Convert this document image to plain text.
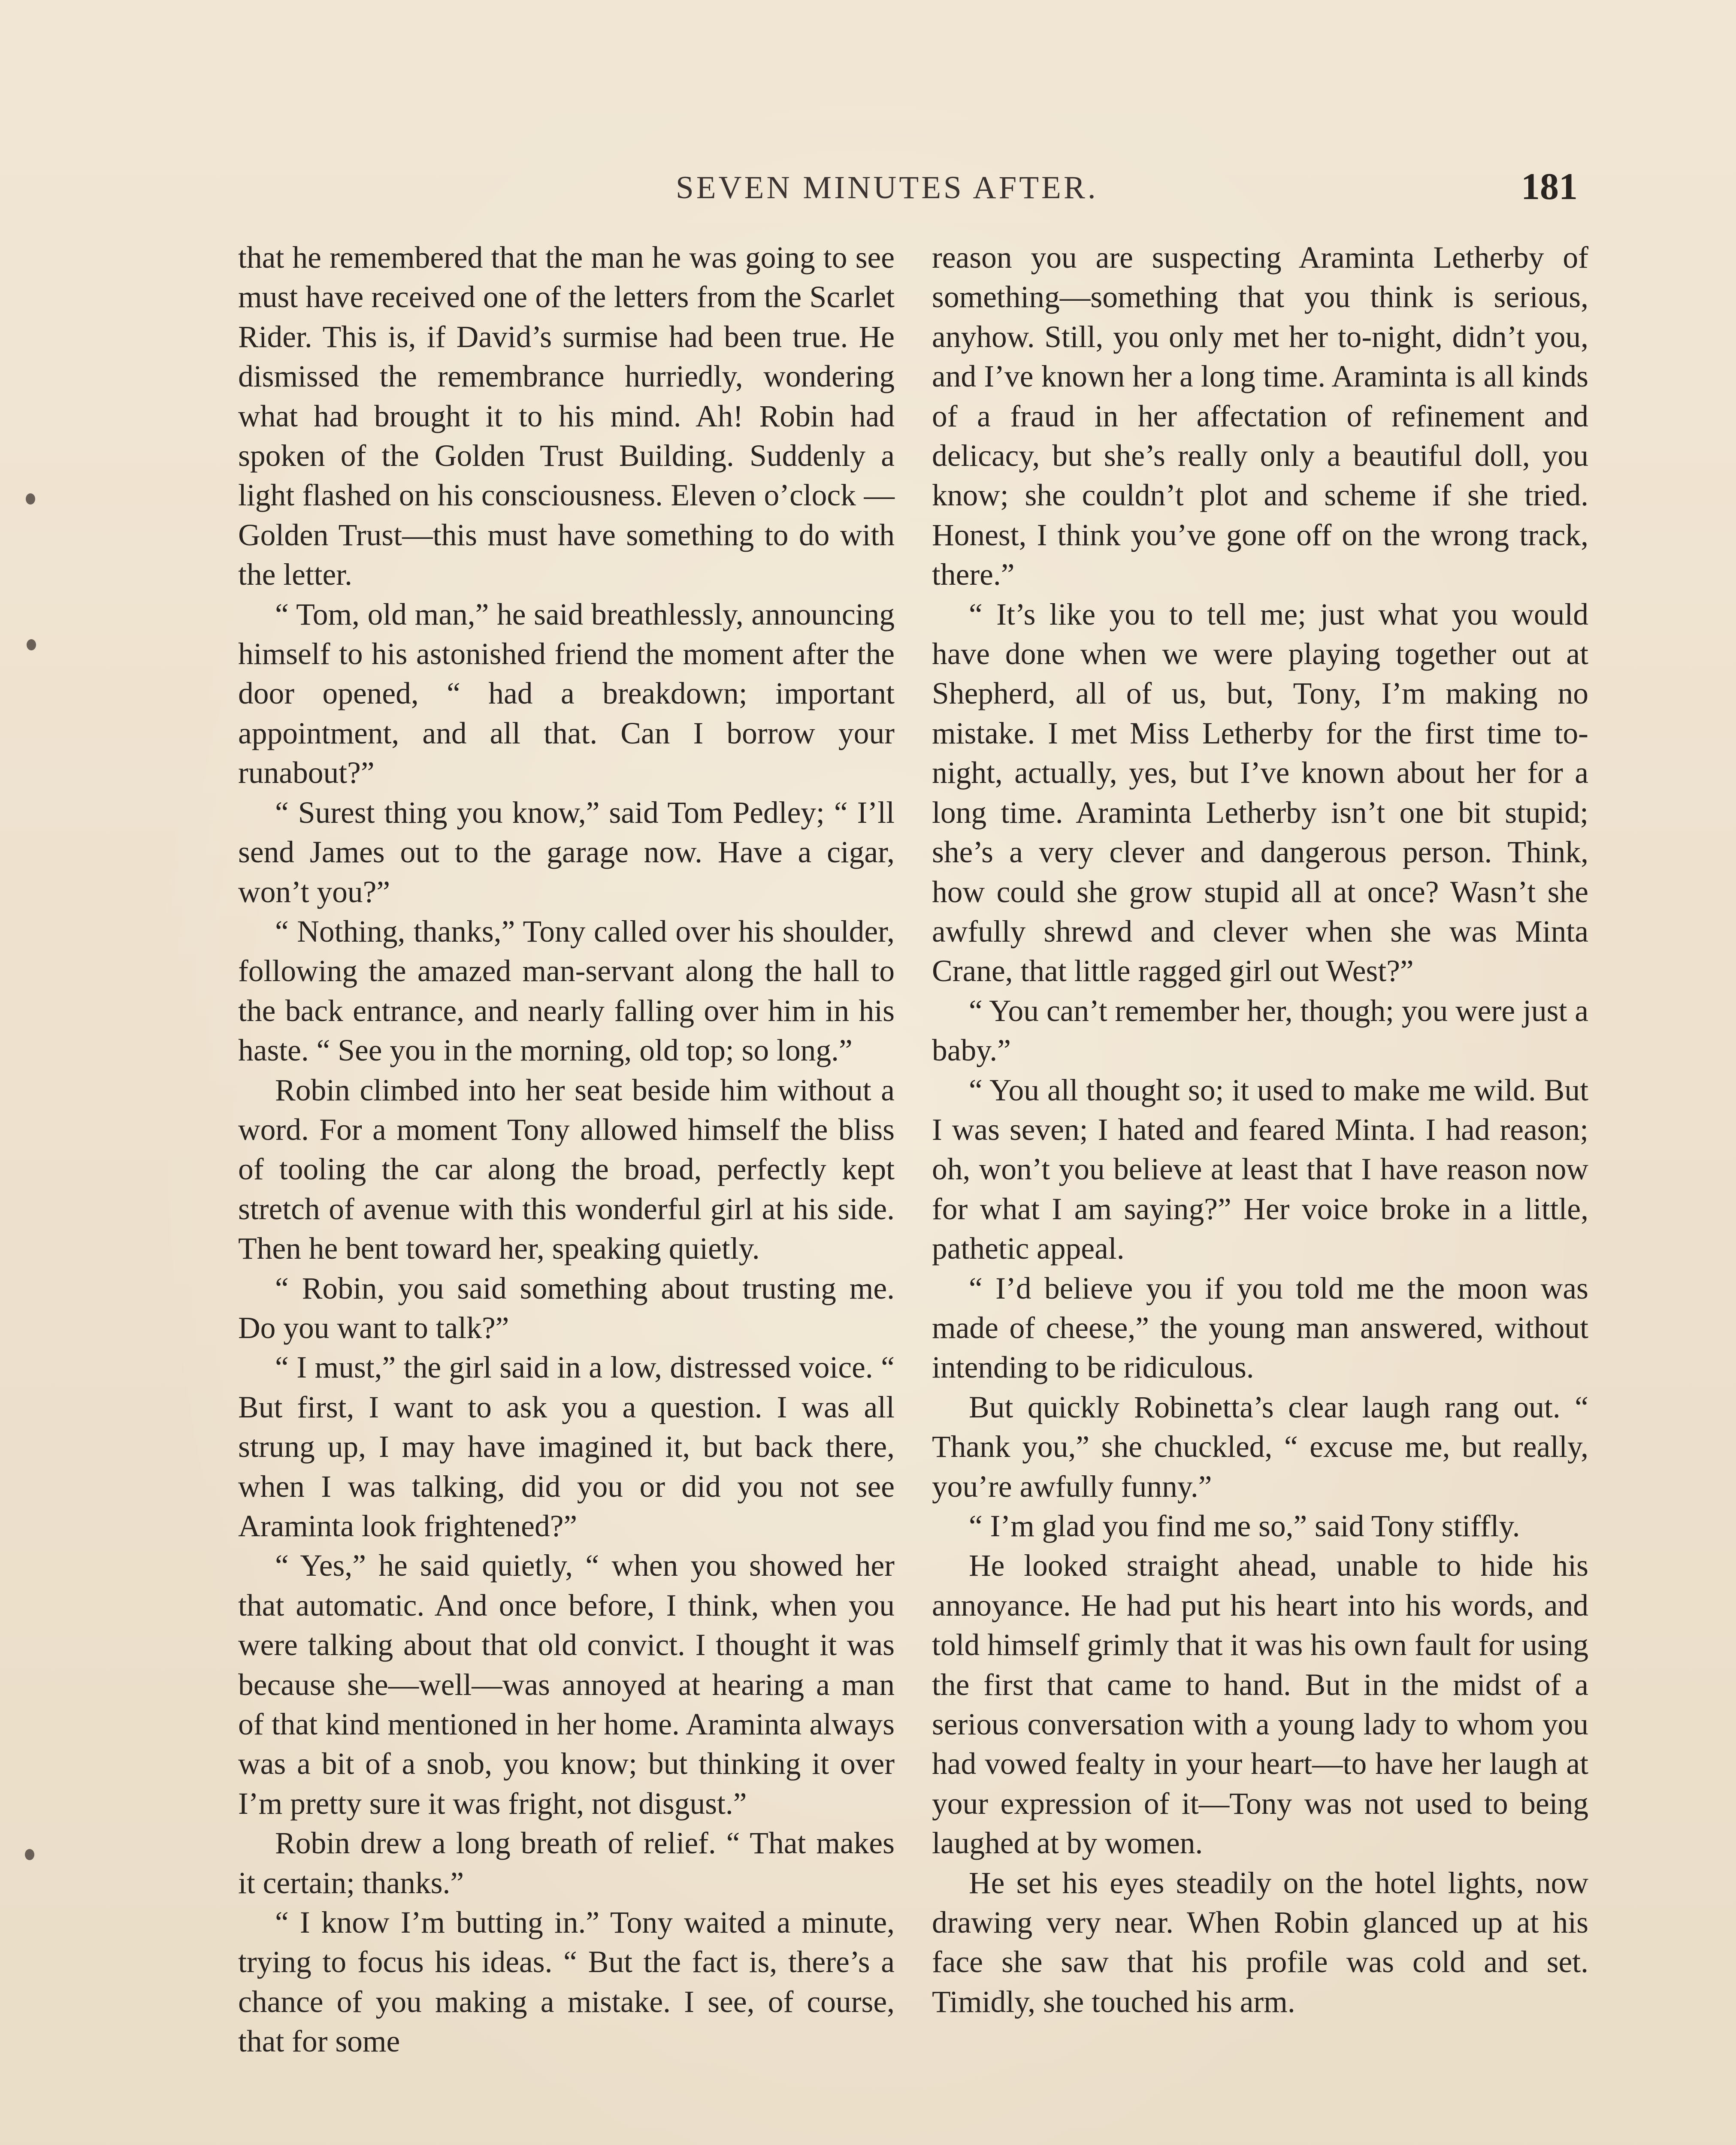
SEVEN MINUTES AFTER.	181

that he remembered that the man he was going to see must have received one of the letters from the Scarlet Rider. This is, if David’s surmise had been true. He dismissed the remembrance hurriedly, wondering what had brought it to his mind. Ah! Robin had spoken of the Golden Trust Building. Suddenly a light flashed on his consciousness. Eleven o’clock — Golden Trust—this must have something to do with the letter.

“ Tom, old man,” he said breathlessly, announcing himself to his astonished friend the moment after the door opened, “ had a breakdown; important appointment, and all that. Can I borrow your runabout?”

“ Surest thing you know,” said Tom Pedley; “ I’ll send James out to the garage now. Have a cigar, won’t you?”

“ Nothing, thanks,” Tony called over his shoulder, following the amazed man-servant along the hall to the back entrance, and nearly falling over him in his haste. “ See you in the morning, old top; so long.”

Robin climbed into her seat beside him without a word. For a moment Tony allowed himself the bliss of tooling the car along the broad, perfectly kept stretch of avenue with this wonderful girl at his side. Then he bent toward her, speaking quietly.

“ Robin, you said something about trusting me. Do you want to talk?”

“ I must,” the girl said in a low, distressed voice. “ But first, I want to ask you a question. I was all strung up, I may have imagined it, but back there, when I was talking, did you or did you not see Araminta look frightened?”

“ Yes,” he said quietly, “ when you showed her that automatic. And once before, I think, when you were talking about that old convict. I thought it was because she—well—was annoyed at hearing a man of that kind mentioned in her home. Araminta always was a bit of a snob, you know; but thinking it over I’m pretty sure it was fright, not disgust.”

Robin drew a long breath of relief. “ That makes it certain; thanks.”

“ I know I’m butting in.” Tony waited a minute, trying to focus his ideas. “ But the fact is, there’s a chance of you making a mistake. I see, of course, that for some

reason you are suspecting Araminta Letherby of something—something that you think is serious, anyhow. Still, you only met her to-night, didn’t you, and I’ve known her a long time. Araminta is all kinds of a fraud in her affectation of refinement and delicacy, but she’s really only a beautiful doll, you know; she couldn’t plot and scheme if she tried. Honest, I think you’ve gone off on the wrong track, there.”

“ It’s like you to tell me; just what you would have done when we were playing together out at Shepherd, all of us, but, Tony, I’m making no mistake. I met Miss Letherby for the first time to-night, actually, yes, but I’ve known about her for a long time. Araminta Letherby isn’t one bit stupid; she’s a very clever and dangerous person. Think, how could she grow stupid all at once? Wasn’t she awfully shrewd and clever when she was Minta Crane, that little ragged girl out West?”

“ You can’t remember her, though; you were just a baby.”

“ You all thought so; it used to make me wild. But I was seven; I hated and feared Minta. I had reason; oh, won’t you believe at least that I have reason now for what I am saying?” Her voice broke in a little, pathetic appeal.

“ I’d believe you if you told me the moon was made of cheese,” the young man answered, without intending to be ridiculous.

But quickly Robinetta’s clear laugh rang out. “ Thank you,” she chuckled, “ excuse me, but really, you’re awfully funny.”

“ I’m glad you find me so,” said Tony stiffly.

He looked straight ahead, unable to hide his annoyance. He had put his heart into his words, and told himself grimly that it was his own fault for using the first that came to hand. But in the midst of a serious conversation with a young lady to whom you had vowed fealty in your heart—to have her laugh at your expression of it—Tony was not used to being laughed at by women.

He set his eyes steadily on the hotel lights, now drawing very near. When Robin glanced up at his face she saw that his profile was cold and set. Timidly, she touched his arm.
